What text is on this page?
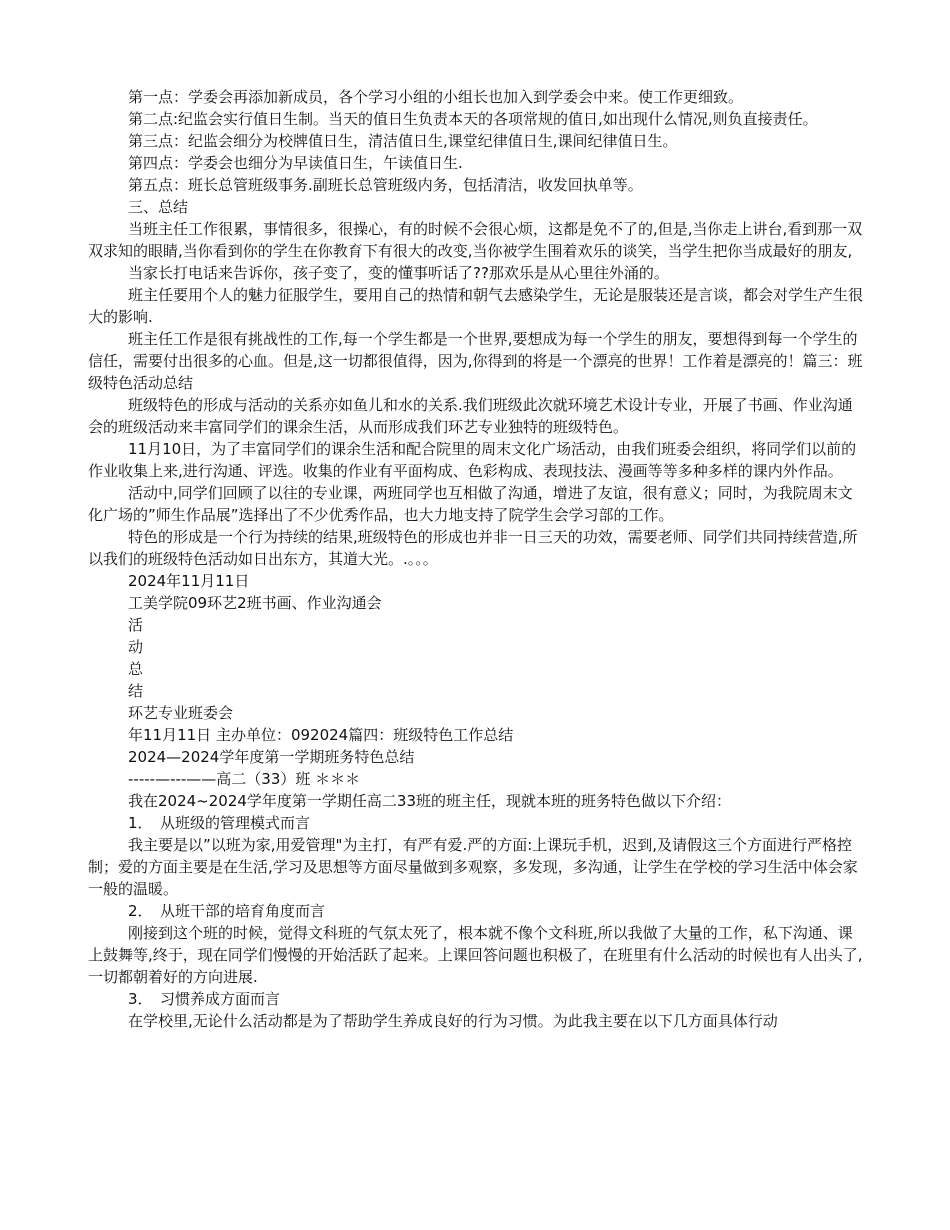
第一点：学委会再添加新成员，各个学习小组的小组长也加入到学委会中来。使工作更细致。

第二点:纪监会实行值日生制。当天的值日生负责本天的各项常规的值日,如出现什么情况,则负直接责任。

第三点：纪监会细分为校牌值日生，清洁值日生,课堂纪律值日生,课间纪律值日生。

第四点：学委会也细分为早读值日生，午读值日生.

第五点：班长总管班级事务.副班长总管班级内务，包括清洁，收发回执单等。

三、总结

当班主任工作很累，事情很多，很操心，有的时候不会很心烦，这都是免不了的,但是,当你走上讲台,看到那一双双求知的眼睛,当你看到你的学生在你教育下有很大的改变,当你被学生围着欢乐的谈笑，当学生把你当成最好的朋友,

当家长打电话来告诉你，孩子变了，变的懂事听话了??那欢乐是从心里往外涌的。

班主任要用个人的魅力征服学生，要用自己的热情和朝气去感染学生，无论是服装还是言谈，都会对学生产生很大的影响.

班主任工作是很有挑战性的工作,每一个学生都是一个世界,要想成为每一个学生的朋友，要想得到每一个学生的信任，需要付出很多的心血。但是,这一切都很值得，因为,你得到的将是一个漂亮的世界！工作着是漂亮的！篇三：班级特色活动总结

班级特色的形成与活动的关系亦如鱼儿和水的关系.我们班级此次就环境艺术设计专业，开展了书画、作业沟通会的班级活动来丰富同学们的课余生活，从而形成我们环艺专业独特的班级特色。

11月10日，为了丰富同学们的课余生活和配合院里的周末文化广场活动，由我们班委会组织，将同学们以前的作业收集上来,进行沟通、评选。收集的作业有平面构成、色彩构成、表现技法、漫画等等多种多样的课内外作品。

活动中,同学们回顾了以往的专业课，两班同学也互相做了沟通，增进了友谊，很有意义；同时，为我院周末文化广场的”师生作品展”选择出了不少优秀作品，也大力地支持了院学生会学习部的工作。

特色的形成是一个行为持续的结果,班级特色的形成也并非一日三天的功效，需要老师、同学们共同持续营造,所以我们的班级特色活动如日出东方，其道大光。.。。。

2024年11月11日

工美学院09环艺2班书画、作业沟通会

活

动

总

结

环艺专业班委会

年11月11日 主办单位：092024篇四：班级特色工作总结

2024—2024学年度第一学期班务特色总结

-----—---——高二（33）班 ＊＊＊

我在2024~2024学年度第一学期任高二33班的班主任，现就本班的班务特色做以下介绍：

1．　从班级的管理模式而言

我主要是以”以班为家,用爱管理"为主打，有严有爱.严的方面:上课玩手机，迟到,及请假这三个方面进行严格控制；爱的方面主要是在生活,学习及思想等方面尽量做到多观察，多发现，多沟通，让学生在学校的学习生活中体会家一般的温暖。

2．　从班干部的培育角度而言

刚接到这个班的时候，觉得文科班的气氛太死了，根本就不像个文科班,所以我做了大量的工作，私下沟通、课上鼓舞等,终于，现在同学们慢慢的开始活跃了起来。上课回答问题也积极了，在班里有什么活动的时候也有人出头了,一切都朝着好的方向进展.

3．　习惯养成方面而言

在学校里,无论什么活动都是为了帮助学生养成良好的行为习惯。为此我主要在以下几方面具体行动
